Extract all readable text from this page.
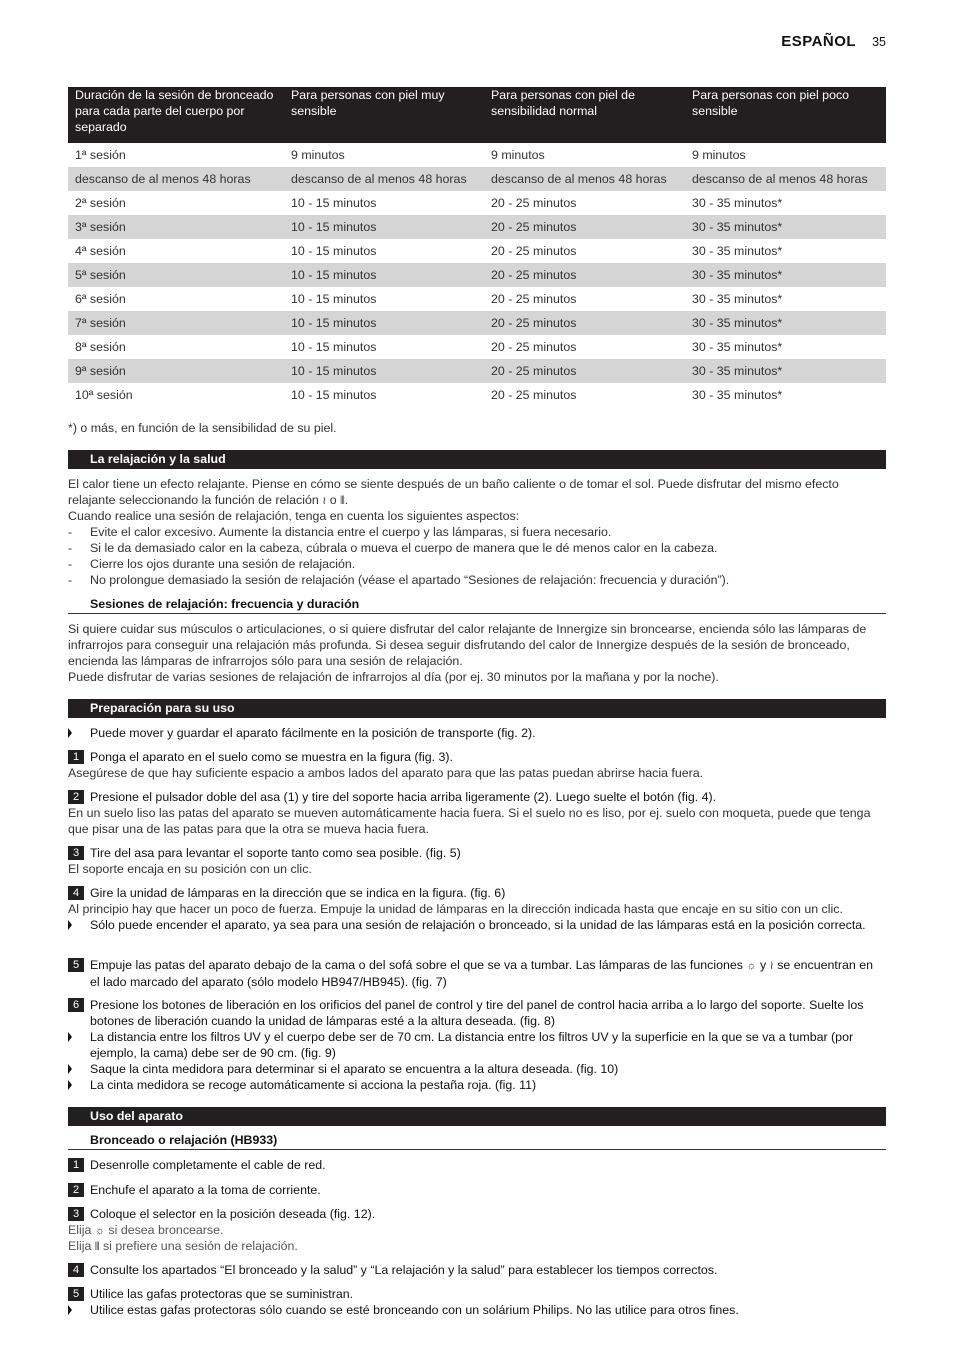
ESPAÑOL 35
Duración de la sesión de bronceado para cada parte del cuerpo por separado	Para personas con piel muy sensible	Para personas con piel de sensibilidad normal	Para personas con piel poco sensible
1ª sesión	9 minutos	9 minutos	9 minutos
descanso de al menos 48 horas	descanso de al menos 48 horas	descanso de al menos 48 horas	descanso de al menos 48 horas
2ª sesión	10 - 15 minutos	20 - 25 minutos	30 - 35 minutos*
3ª sesión	10 - 15 minutos	20 - 25 minutos	30 - 35 minutos*
4ª sesión	10 - 15 minutos	20 - 25 minutos	30 - 35 minutos*
5ª sesión	10 - 15 minutos	20 - 25 minutos	30 - 35 minutos*
6ª sesión	10 - 15 minutos	20 - 25 minutos	30 - 35 minutos*
7ª sesión	10 - 15 minutos	20 - 25 minutos	30 - 35 minutos*
8ª sesión	10 - 15 minutos	20 - 25 minutos	30 - 35 minutos*
9ª sesión	10 - 15 minutos	20 - 25 minutos	30 - 35 minutos*
10ª sesión	10 - 15 minutos	20 - 25 minutos	30 - 35 minutos*

*) o más, en función de la sensibilidad de su piel.

La relajación y la salud

El calor tiene un efecto relajante. Piense en cómo se siente después de un baño caliente o de tomar el sol. Puede disfrutar del mismo efecto relajante seleccionando la función de relación ≀ o ⫴.

Cuando realice una sesión de relajación, tenga en cuenta los siguientes aspectos:

- Evite el calor excesivo. Aumente la distancia entre el cuerpo y las lámparas, si fuera necesario.

- Si le da demasiado calor en la cabeza, cúbrala o mueva el cuerpo de manera que le dé menos calor en la cabeza.

- Cierre los ojos durante una sesión de relajación.

- No prolongue demasiado la sesión de relajación (véase el apartado “Sesiones de relajación: frecuencia y duración”).

Sesiones de relajación: frecuencia y duración

Si quiere cuidar sus músculos o articulaciones, o si quiere disfrutar del calor relajante de Innergize sin broncearse, encienda sólo las lámparas de infrarrojos para conseguir una relajación más profunda. Si desea seguir disfrutando del calor de Innergize después de la sesión de bronceado, encienda las lámparas de infrarrojos sólo para una sesión de relajación.

Puede disfrutar de varias sesiones de relajación de infrarrojos al día (por ej. 30 minutos por la mañana y por la noche).

Preparación para su uso

Puede mover y guardar el aparato fácilmente en la posición de transporte (fig. 2).

1 Ponga el aparato en el suelo como se muestra en la figura (fig. 3).

Asegúrese de que hay suficiente espacio a ambos lados del aparato para que las patas puedan abrirse hacia fuera.

2 Presione el pulsador doble del asa (1) y tire del soporte hacia arriba ligeramente (2). Luego suelte el botón (fig. 4).

En un suelo liso las patas del aparato se mueven automáticamente hacia fuera. Si el suelo no es liso, por ej. suelo con moqueta, puede que tenga que pisar una de las patas para que la otra se mueva hacia fuera.

3 Tire del asa para levantar el soporte tanto como sea posible. (fig. 5)

El soporte encaja en su posición con un clic.

4 Gire la unidad de lámparas en la dirección que se indica en la figura. (fig. 6)

Al principio hay que hacer un poco de fuerza. Empuje la unidad de lámparas en la dirección indicada hasta que encaje en su sitio con un clic.

Sólo puede encender el aparato, ya sea para una sesión de relajación o bronceado, si la unidad de las lámparas está en la posición correcta.

5 Empuje las patas del aparato debajo de la cama o del sofá sobre el que se va a tumbar. Las lámparas de las funciones ☼ y ≀ se encuentran en el lado marcado del aparato (sólo modelo HB947/HB945). (fig. 7)

6 Presione los botones de liberación en los orificios del panel de control y tire del panel de control hacia arriba a lo largo del soporte. Suelte los botones de liberación cuando la unidad de lámparas esté a la altura deseada. (fig. 8)

La distancia entre los filtros UV y el cuerpo debe ser de 70 cm. La distancia entre los filtros UV y la superficie en la que se va a tumbar (por ejemplo, la cama) debe ser de 90 cm. (fig. 9)

Saque la cinta medidora para determinar si el aparato se encuentra a la altura deseada. (fig. 10)

La cinta medidora se recoge automáticamente si acciona la pestaña roja. (fig. 11)

Uso del aparato
Bronceado o relajación (HB933)

1 Desenrolle completamente el cable de red.

2 Enchufe el aparato a la toma de corriente.

3 Coloque el selector en la posición deseada (fig. 12).

Elija ☼ si desea broncearse.

Elija ⫴ si prefiere una sesión de relajación.

4 Consulte los apartados “El bronceado y la salud” y “La relajación y la salud” para establecer los tiempos correctos.

5 Utilice las gafas protectoras que se suministran.

Utilice estas gafas protectoras sólo cuando se esté bronceando con un solárium Philips. No las utilice para otros fines.
